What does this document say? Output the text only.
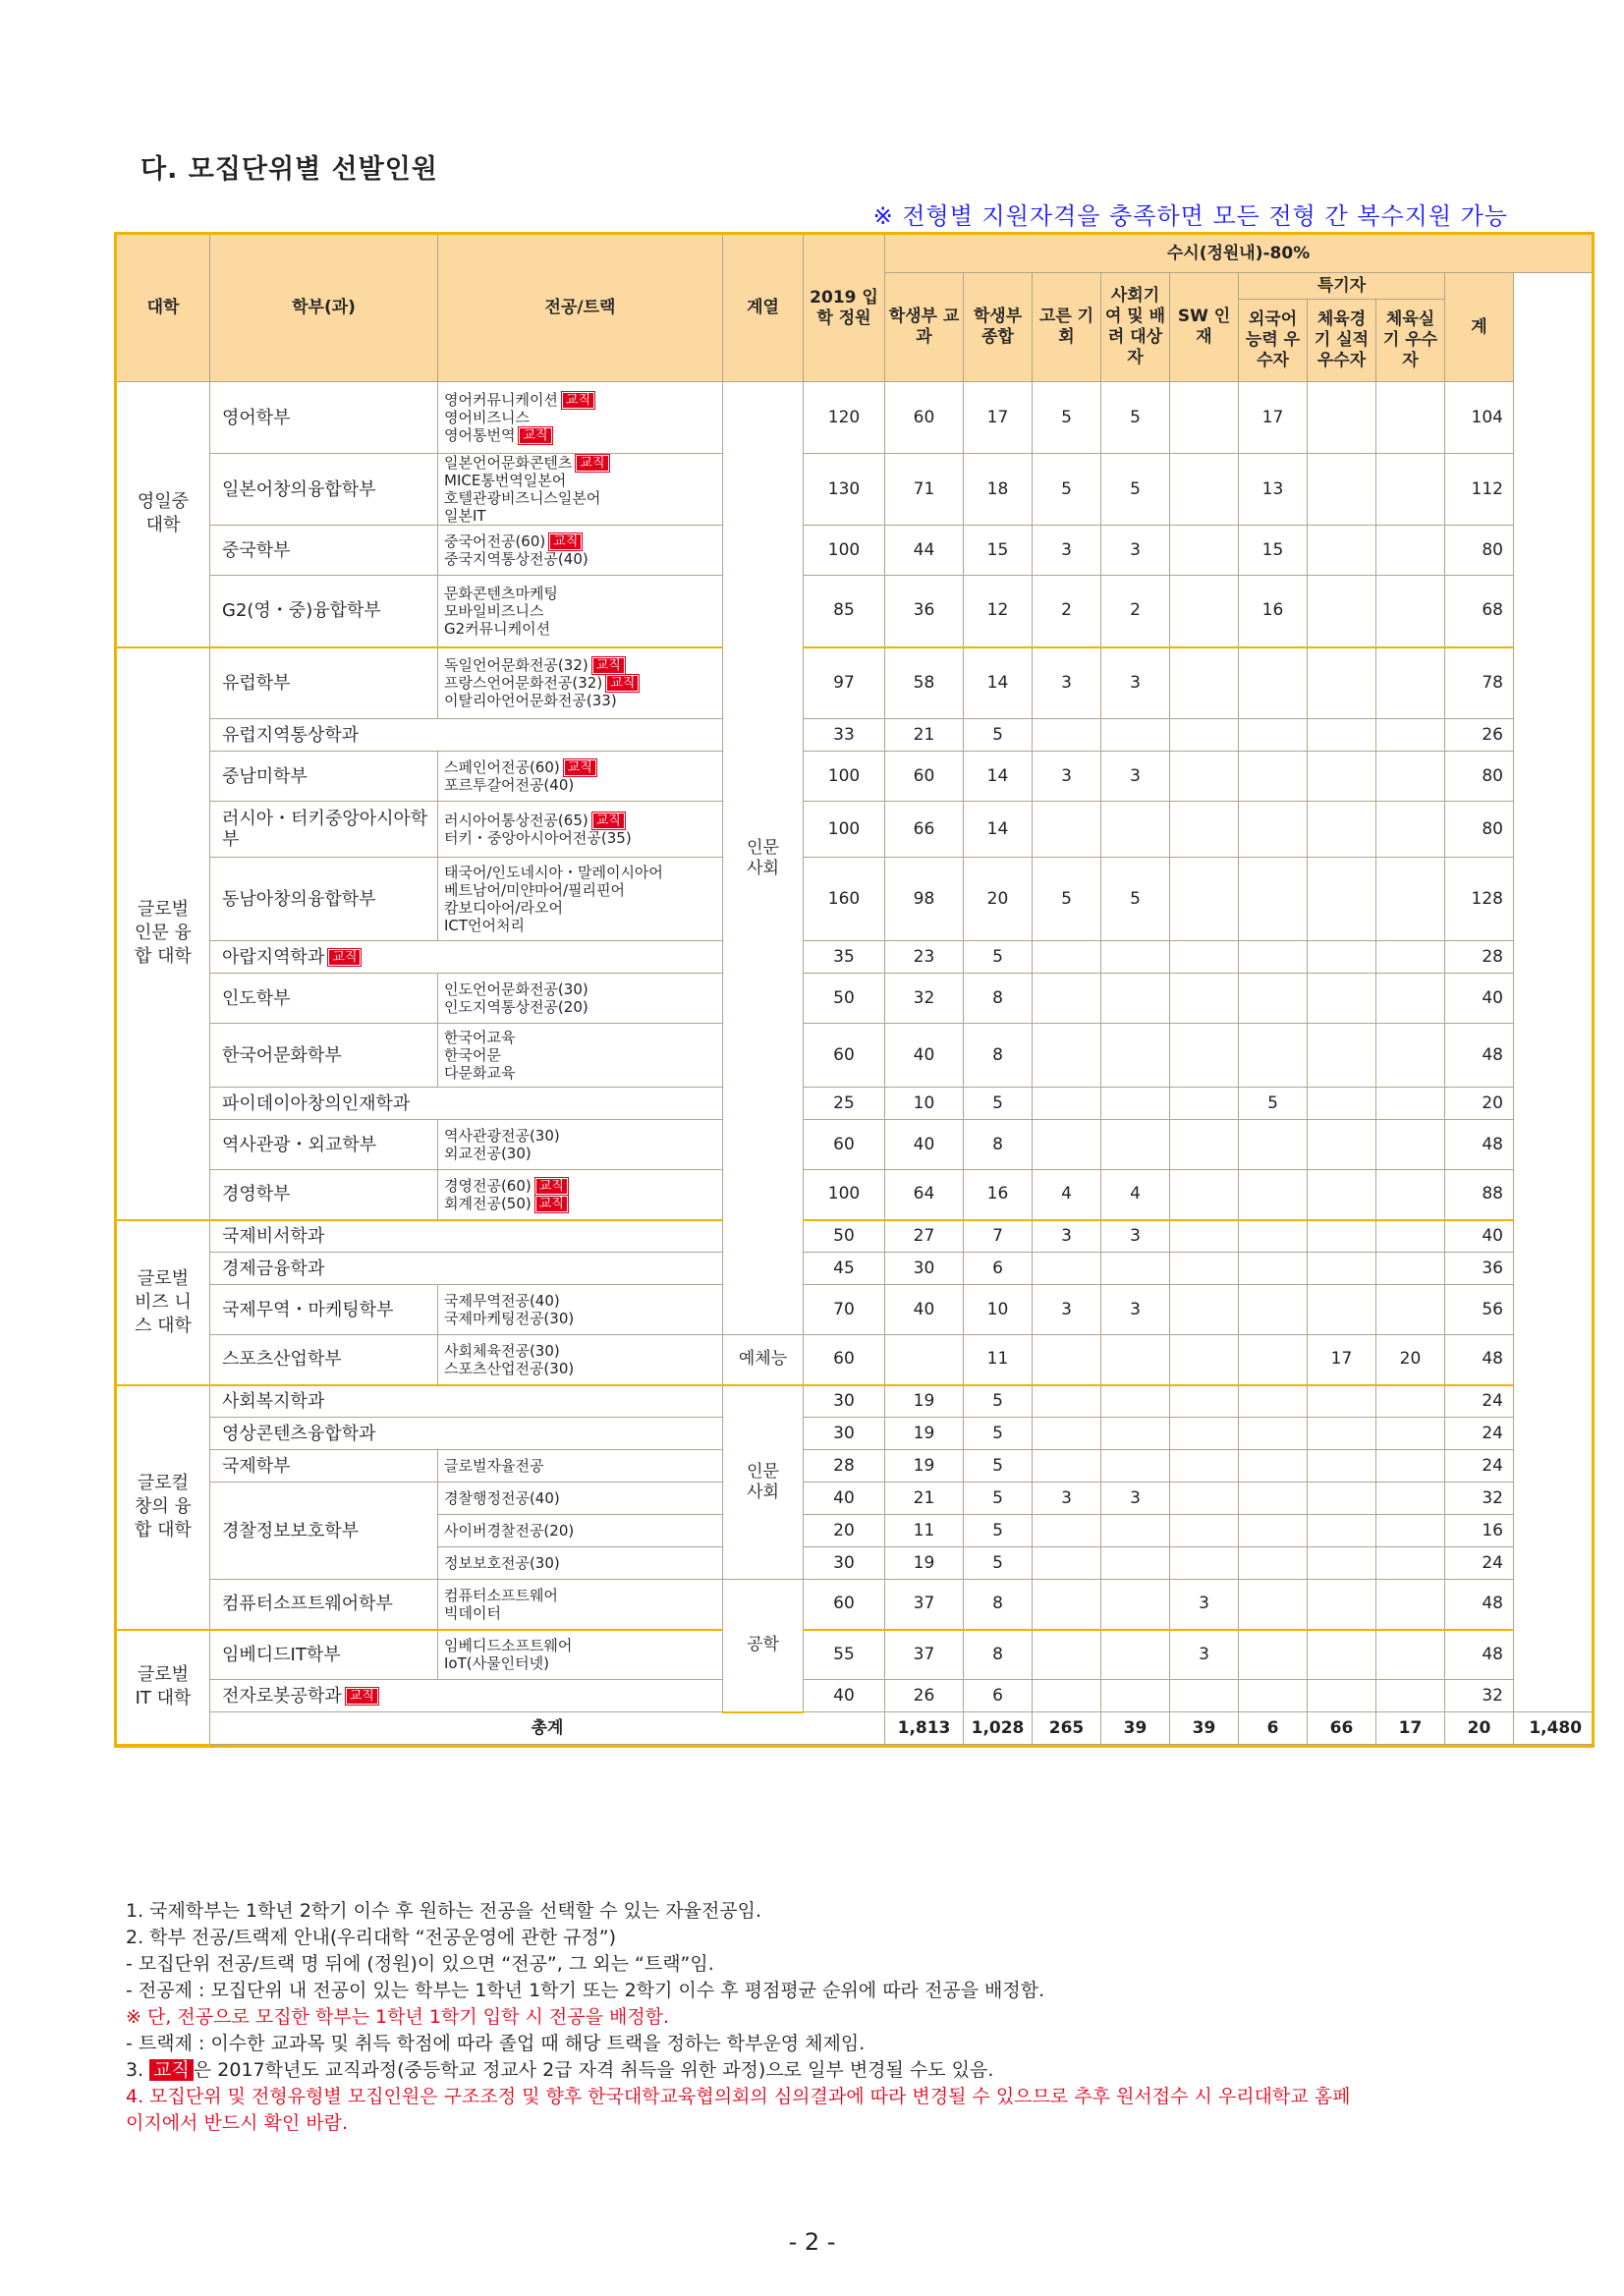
다. 모집단위별 선발인원
※ 전형별 지원자격을 충족하면 모든 전형 간 복수지원 가능
대학	학부(과)	전공/트랙	계열	2019 입학 정원	수시(정원내)-80%									
					학생부 교과	학생부 종합	고른 기회	사회기여 및 배려 대상자	SW 인재	특기자			계	
										외국어 능력 우수자	체육경기 실적 우수자	체육실기 우수자		
영일중 대학	영어학부	영어커뮤니케이션 교직
영어비즈니스
영어통번역 교직	인문 사회	120	60	17	5	5		17			104	
	일본어창의융합학부	일본언어문화콘텐츠 교직
MICE통번역일본어
호텔관광비즈니스일본어
일본IT		130	71	18	5	5		13			112	
	중국학부	중국어전공(60) 교직
중국지역통상전공(40)		100	44	15	3	3		15			80	
	G2(영・중)융합학부	문화콘텐츠마케팅
모바일비즈니스
G2커뮤니케이션		85	36	12	2	2		16			68	
글로벌 인문 융합 대학	유럽학부	독일언어문화전공(32) 교직
프랑스언어문화전공(32) 교직
이탈리아언어문화전공(33)		97	58	14	3	3					78	
	유럽지역통상학과			33	21	5							26	
	중남미학부	스페인어전공(60) 교직
포르투갈어전공(40)		100	60	14	3	3					80	
	러시아・터키중앙아시아학부	러시아어통상전공(65) 교직
터키・중앙아시아어전공(35)		100	66	14							80	
	동남아창의융합학부	태국어/인도네시아・말레이시아어
베트남어/미얀마어/필리핀어
캄보디아어/라오어
ICT언어처리		160	98	20	5	5					128	
	아랍지역학과 교직			35	23	5							28	
	인도학부	인도언어문화전공(30)
인도지역통상전공(20)		50	32	8							40	
	한국어문화학부	한국어교육
한국어문
다문화교육		60	40	8							48	
	파이데이아창의인재학과			25	10	5				5			20	
	역사관광・외교학부	역사관광전공(30)
외교전공(30)		60	40	8							48	
	경영학부	경영전공(60) 교직
회계전공(50) 교직		100	64	16	4	4					88	
글로벌 비즈 니스 대학	국제비서학과			50	27	7	3	3					40	
	경제금융학과			45	30	6							36	
	국제무역・마케팅학부	국제무역전공(40)
국제마케팅전공(30)		70	40	10	3	3					56	
	스포츠산업학부	사회체육전공(30)
스포츠산업전공(30)	예체능	60		11					17	20	48	
글로컬 창의 융합 대학	사회복지학과		인문 사회	30	19	5							24	
	영상콘텐츠융합학과			30	19	5							24	
	국제학부	글로벌자율전공		28	19	5							24	
	경찰정보보호학부	경찰행정전공(40)		40	21	5	3	3					32	

		사이버경찰전공(20)		20	11	5							16	

		정보보호전공(30)		30	19	5							24	
	컴퓨터소프트웨어학부	컴퓨터소프트웨어
빅데이터	공학	60	37	8			3				48	
글로벌 IT 대학	임베디드IT학부	임베디드소프트웨어
IoT(사물인터넷)		55	37	8			3				48	
	전자로봇공학과 교직			40	26	6							32	
	총계				1,813	1,028	265	39	39	6	66	17	20	1,480
1. 국제학부는 1학년 2학기 이수 후 원하는 전공을 선택할 수 있는 자율전공임.
2. 학부 전공/트랙제 안내(우리대학 “전공운영에 관한 규정”)
- 모집단위 전공/트랙 명 뒤에 (정원)이 있으면 “전공”, 그 외는 “트랙”임.
- 전공제 : 모집단위 내 전공이 있는 학부는 1학년 1학기 또는 2학기 이수 후 평점평균 순위에 따라 전공을 배정함.
※ 단, 전공으로 모집한 학부는 1학년 1학기 입학 시 전공을 배정함.
- 트랙제 : 이수한 교과목 및 취득 학점에 따라 졸업 때 해당 트랙을 정하는 학부운영 체제임.
3. 교직 은 2017학년도 교직과정(중등학교 정교사 2급 자격 취득을 위한 과정)으로 일부 변경될 수도 있음.
4. 모집단위 및 전형유형별 모집인원은 구조조정 및 향후 한국대학교육협의회의 심의결과에 따라 변경될 수 있으므로 추후 원서접수 시 우리대학교 홈페
이지에서 반드시 확인 바람.
- 2 -
